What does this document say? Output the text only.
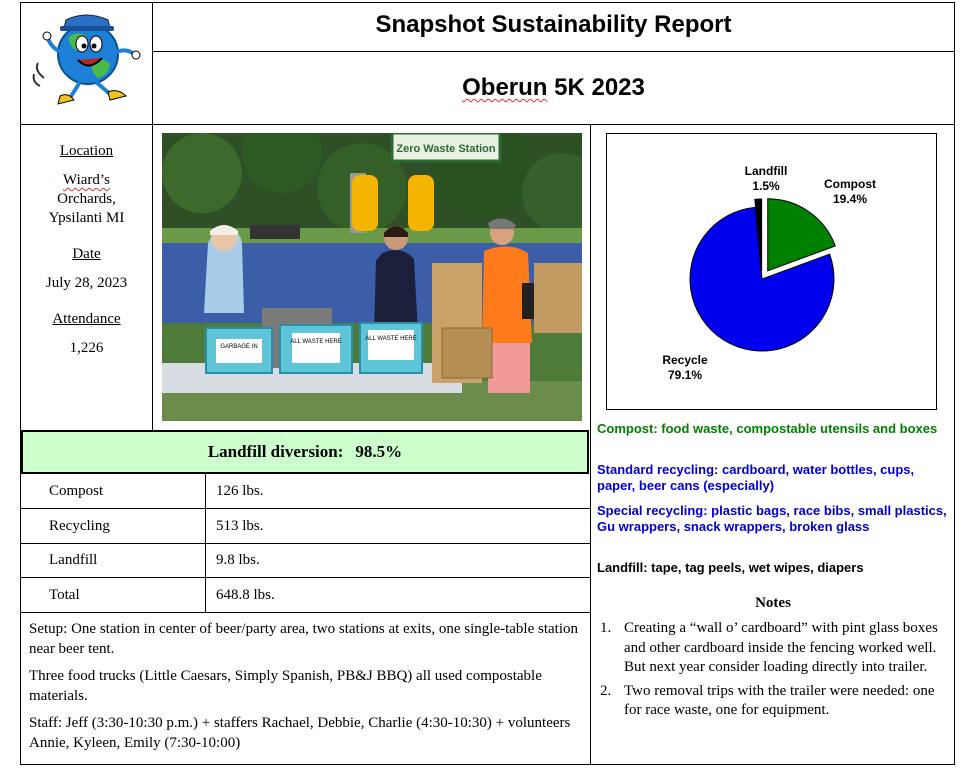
Snapshot Sustainability Report
Oberun 5K 2023
Location
Wiard’s
Orchards,
Ypsilanti MI
Date
July 28, 2023
Attendance
1,226
Zero Waste Station
GARBAGE IN
ALL WASTE HERE	ALL WASTE HERE
Landfill
1.5%	Compost
19.4%
Recycle
79.1%
Compost: food waste, compostable utensils and boxes
Standard recycling: cardboard, water bottles, cups, paper, beer cans (especially)
Special recycling: plastic bags, race bibs, small plastics, Gu wrappers, snack wrappers, broken glass
Landfill: tape, tag peels, wet wipes, diapers
Landfill diversion: 98.5%
Compost	126 lbs.
Recycling	513 lbs.
Landfill	9.8 lbs.
Total	648.8 lbs.

Setup: One station in center of beer/party area, two stations at exits, one single-table station near beer tent.

Three food trucks (Little Caesars, Simply Spanish, PB&J BBQ) all used compostable materials.

Staff: Jeff (3:30-10:30 p.m.) + staffers Rachael, Debbie, Charlie (4:30-10:30) + volunteers Annie, Kyleen, Emily (7:30-10:00)

Notes
1. Creating a “wall o’ cardboard” with pint glass boxes and other cardboard inside the fencing worked well. But next year consider loading directly into trailer.
2. Two removal trips with the trailer were needed: one for race waste, one for equipment.
